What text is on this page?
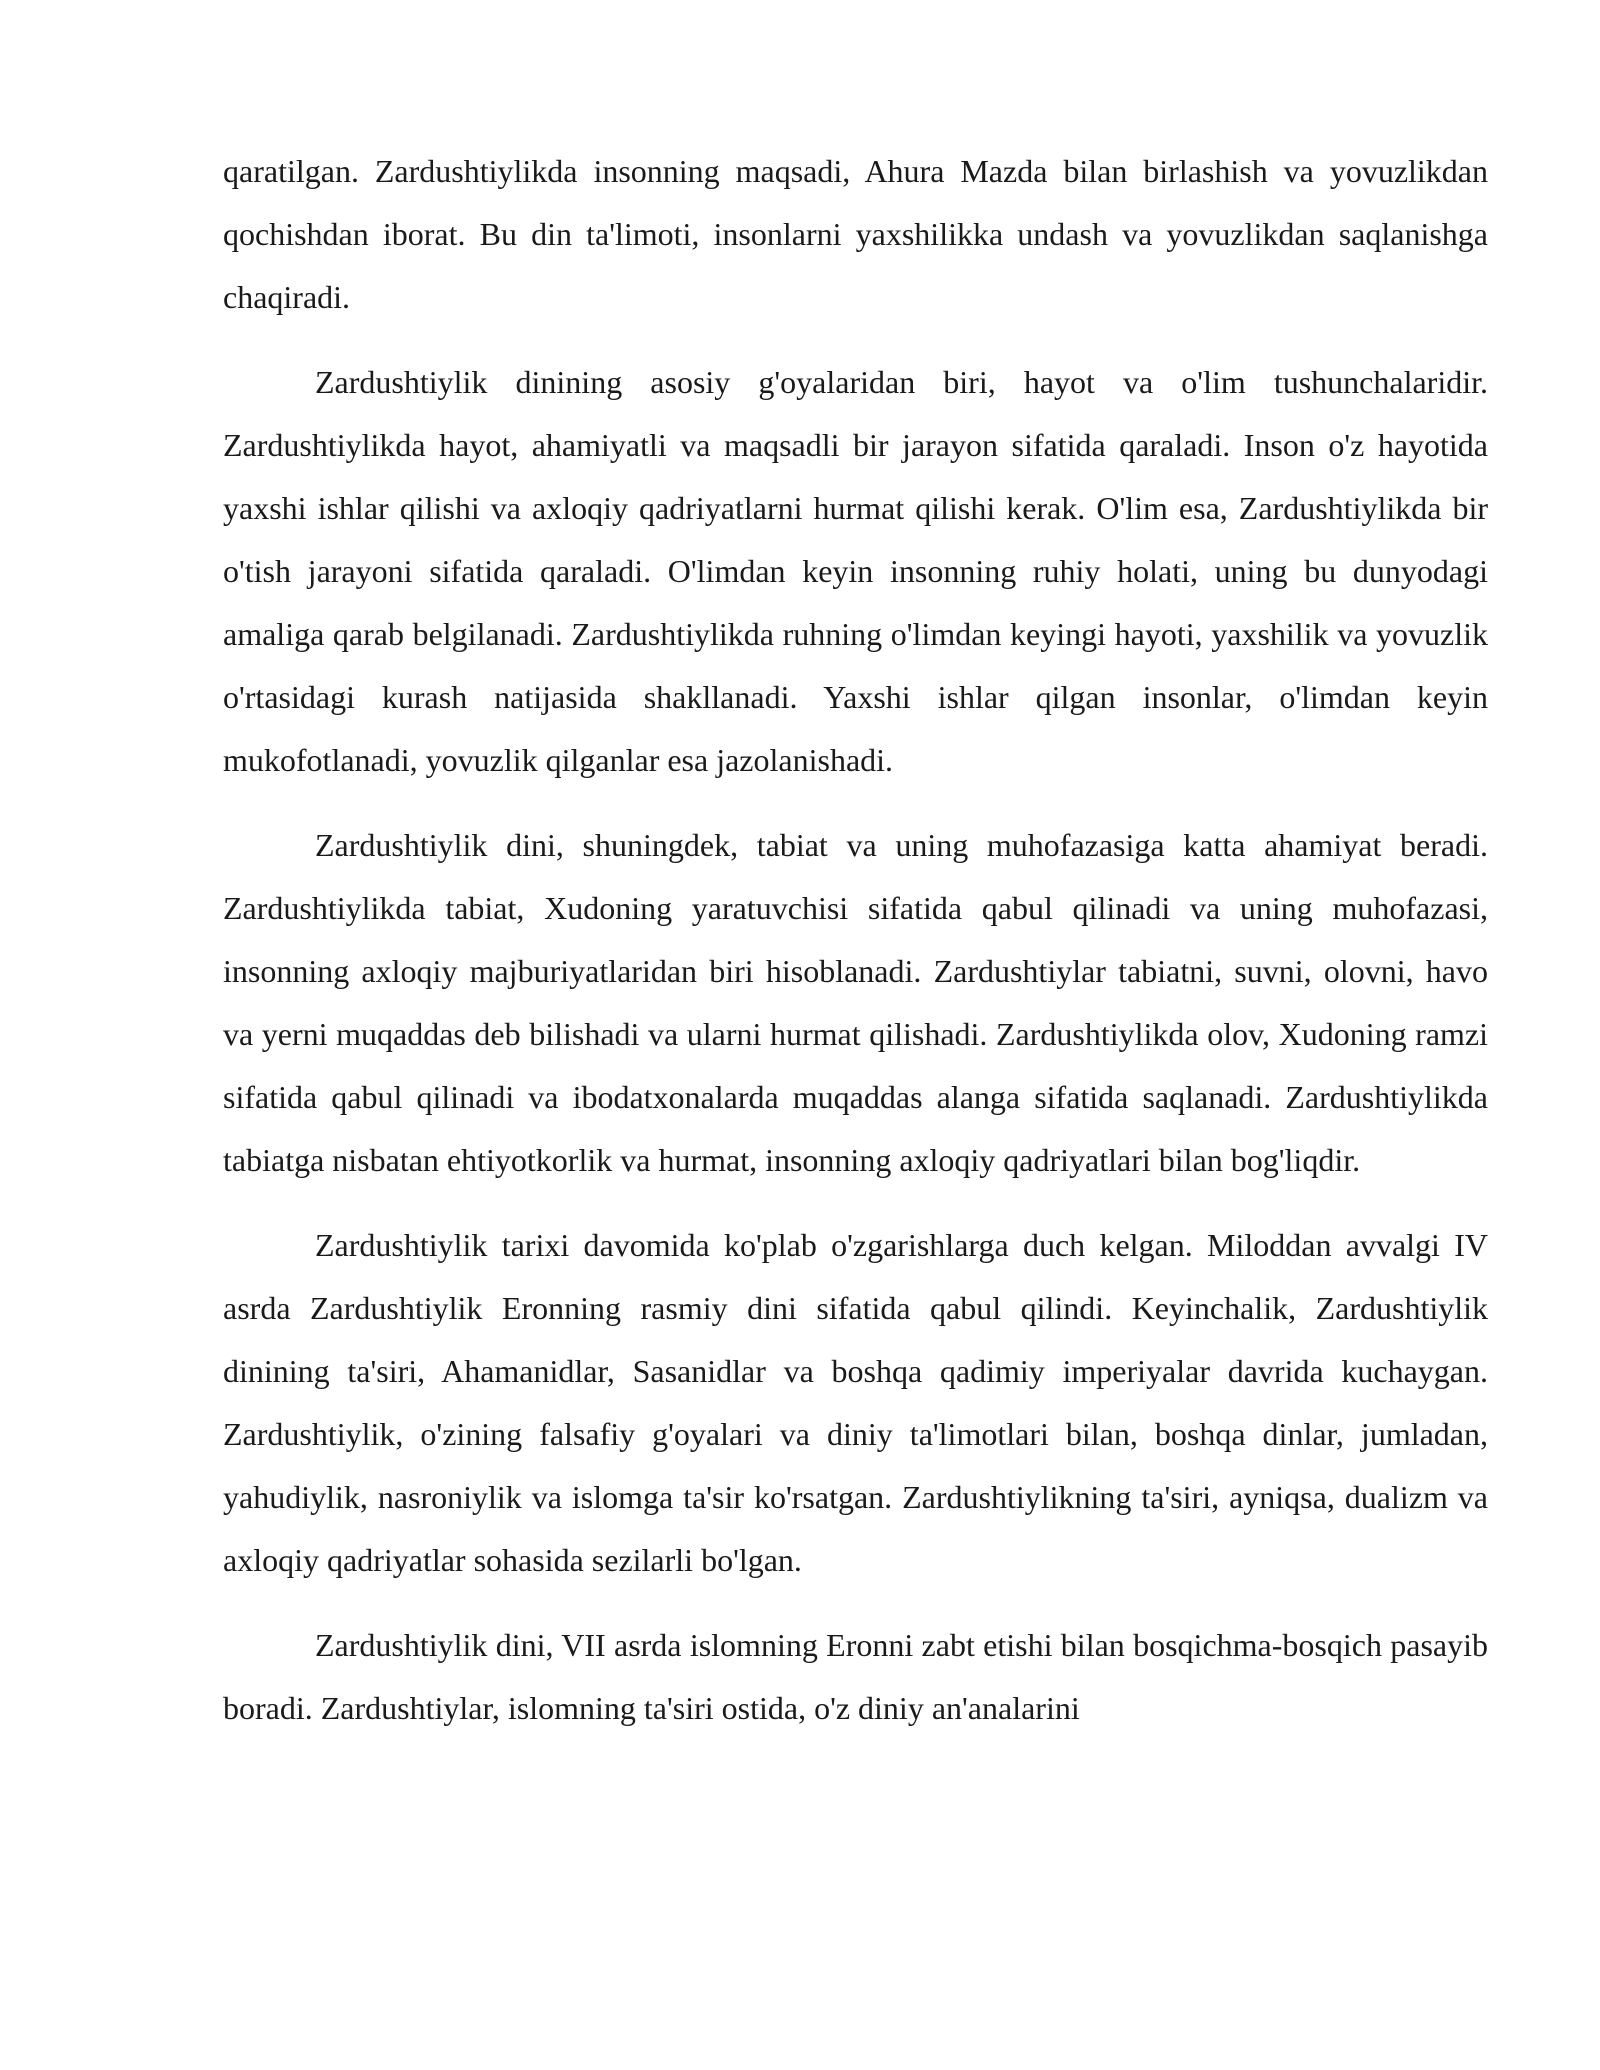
qaratilgan. Zardushtiylikda insonning maqsadi, Ahura Mazda bilan birlashish va yovuzlikdan qochishdan iborat. Bu din ta'limoti, insonlarni yaxshilikka undash va yovuzlikdan saqlanishga chaqiradi.

Zardushtiylik dinining asosiy g'oyalaridan biri, hayot va o'lim tushunchalaridir. Zardushtiylikda hayot, ahamiyatli va maqsadli bir jarayon sifatida qaraladi. Inson o'z hayotida yaxshi ishlar qilishi va axloqiy qadriyatlarni hurmat qilishi kerak. O'lim esa, Zardushtiylikda bir o'tish jarayoni sifatida qaraladi. O'limdan keyin insonning ruhiy holati, uning bu dunyodagi amaliga qarab belgilanadi. Zardushtiylikda ruhning o'limdan keyingi hayoti, yaxshilik va yovuzlik o'rtasidagi kurash natijasida shakllanadi. Yaxshi ishlar qilgan insonlar, o'limdan keyin mukofotlanadi, yovuzlik qilganlar esa jazolanishadi.

Zardushtiylik dini, shuningdek, tabiat va uning muhofazasiga katta ahamiyat beradi. Zardushtiylikda tabiat, Xudoning yaratuvchisi sifatida qabul qilinadi va uning muhofazasi, insonning axloqiy majburiyatlaridan biri hisoblanadi. Zardushtiylar tabiatni, suvni, olovni, havo va yerni muqaddas deb bilishadi va ularni hurmat qilishadi. Zardushtiylikda olov, Xudoning ramzi sifatida qabul qilinadi va ibodatxonalarda muqaddas alanga sifatida saqlanadi. Zardushtiylikda tabiatga nisbatan ehtiyotkorlik va hurmat, insonning axloqiy qadriyatlari bilan bog'liqdir.

Zardushtiylik tarixi davomida ko'plab o'zgarishlarga duch kelgan. Miloddan avvalgi IV asrda Zardushtiylik Eronning rasmiy dini sifatida qabul qilindi. Keyinchalik, Zardushtiylik dinining ta'siri, Ahamanidlar, Sasanidlar va boshqa qadimiy imperiyalar davrida kuchaygan. Zardushtiylik, o'zining falsafiy g'oyalari va diniy ta'limotlari bilan, boshqa dinlar, jumladan, yahudiylik, nasroniylik va islomga ta'sir ko'rsatgan. Zardushtiylikning ta'siri, ayniqsa, dualizm va axloqiy qadriyatlar sohasida sezilarli bo'lgan.

Zardushtiylik dini, VII asrda islomning Eronni zabt etishi bilan bosqichma-bosqich pasayib boradi. Zardushtiylar, islomning ta'siri ostida, o'z diniy an'analarini
